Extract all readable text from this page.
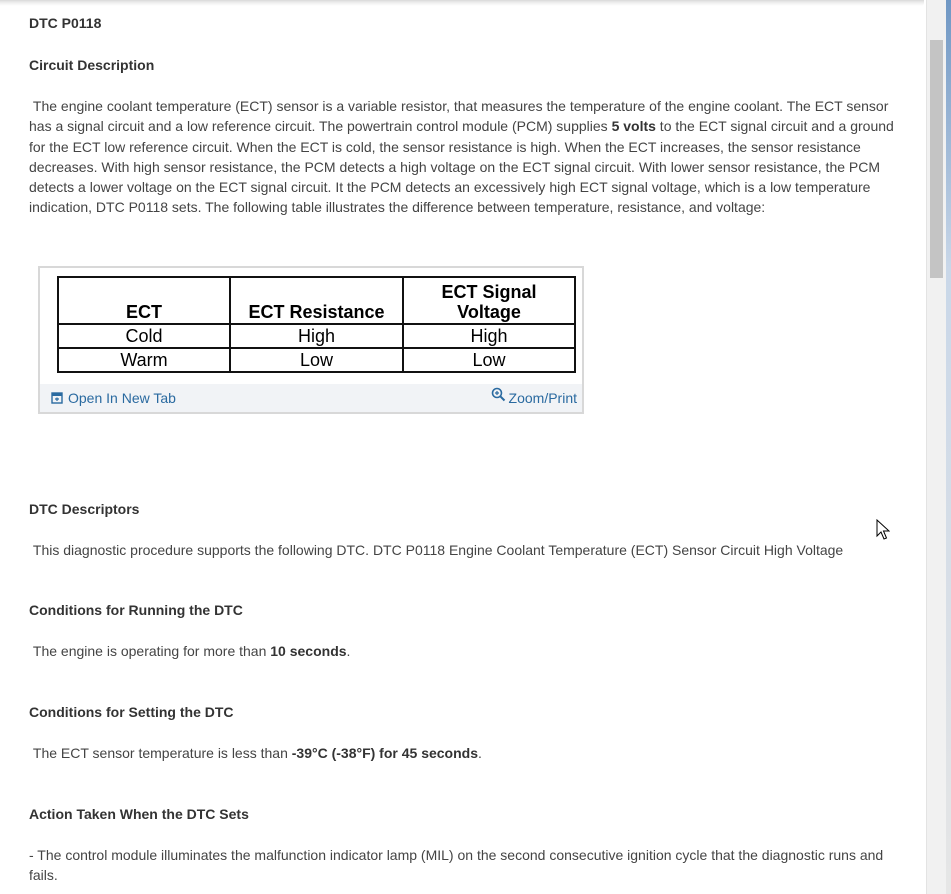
DTC P0118
Circuit Description

The engine coolant temperature (ECT) sensor is a variable resistor, that measures the temperature of the engine coolant. The ECT sensor has a signal circuit and a low reference circuit. The powertrain control module (PCM) supplies 5 volts to the ECT signal circuit and a ground for the ECT low reference circuit. When the ECT is cold, the sensor resistance is high. When the ECT increases, the sensor resistance decreases. With high sensor resistance, the PCM detects a high voltage on the ECT signal circuit. With lower sensor resistance, the PCM detects a lower voltage on the ECT signal circuit. It the PCM detects an excessively high ECT signal voltage, which is a low temperature indication, DTC P0118 sets. The following table illustrates the difference between temperature, resistance, and voltage:

DTC Descriptors

This diagnostic procedure supports the following DTC. DTC P0118 Engine Coolant Temperature (ECT) Sensor Circuit High Voltage

Conditions for Running the DTC

The engine is operating for more than 10 seconds.

Conditions for Setting the DTC

The ECT sensor temperature is less than -39°C (-38°F) for 45 seconds.

Action Taken When the DTC Sets

- The control module illuminates the malfunction indicator lamp (MIL) on the second consecutive ignition cycle that the diagnostic runs and fails.

ECT	ECT Resistance	ECT Signal
Voltage
Cold	High	High
Warm	Low	Low
Open In New Tab	Zoom/Print
